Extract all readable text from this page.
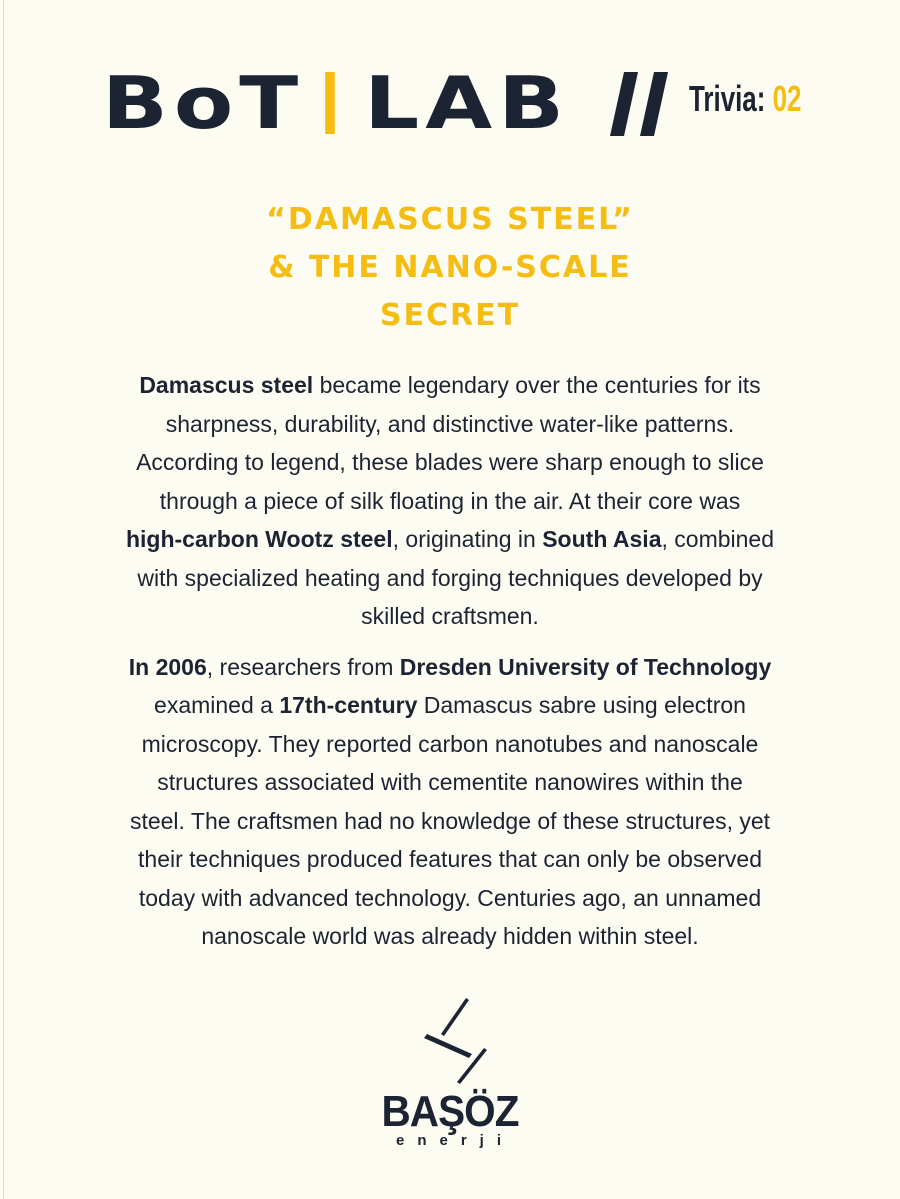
BoT LAB	Trivia: 02
“DAMASCUS STEEL”
& THE NANO-SCALE
SECRET
Damascus steel became legendary over the centuries for its
sharpness, durability, and distinctive water-like patterns.
According to legend, these blades were sharp enough to slice
through a piece of silk floating in the air. At their core was
high-carbon Wootz steel, originating in South Asia, combined
with specialized heating and forging techniques developed by
skilled craftsmen.
In 2006, researchers from Dresden University of Technology
examined a 17th-century Damascus sabre using electron
microscopy. They reported carbon nanotubes and nanoscale
structures associated with cementite nanowires within the
steel. The craftsmen had no knowledge of these structures, yet
their techniques produced features that can only be observed
today with advanced technology. Centuries ago, an unnamed
nanoscale world was already hidden within steel.
BAŞÖZ
enerji
